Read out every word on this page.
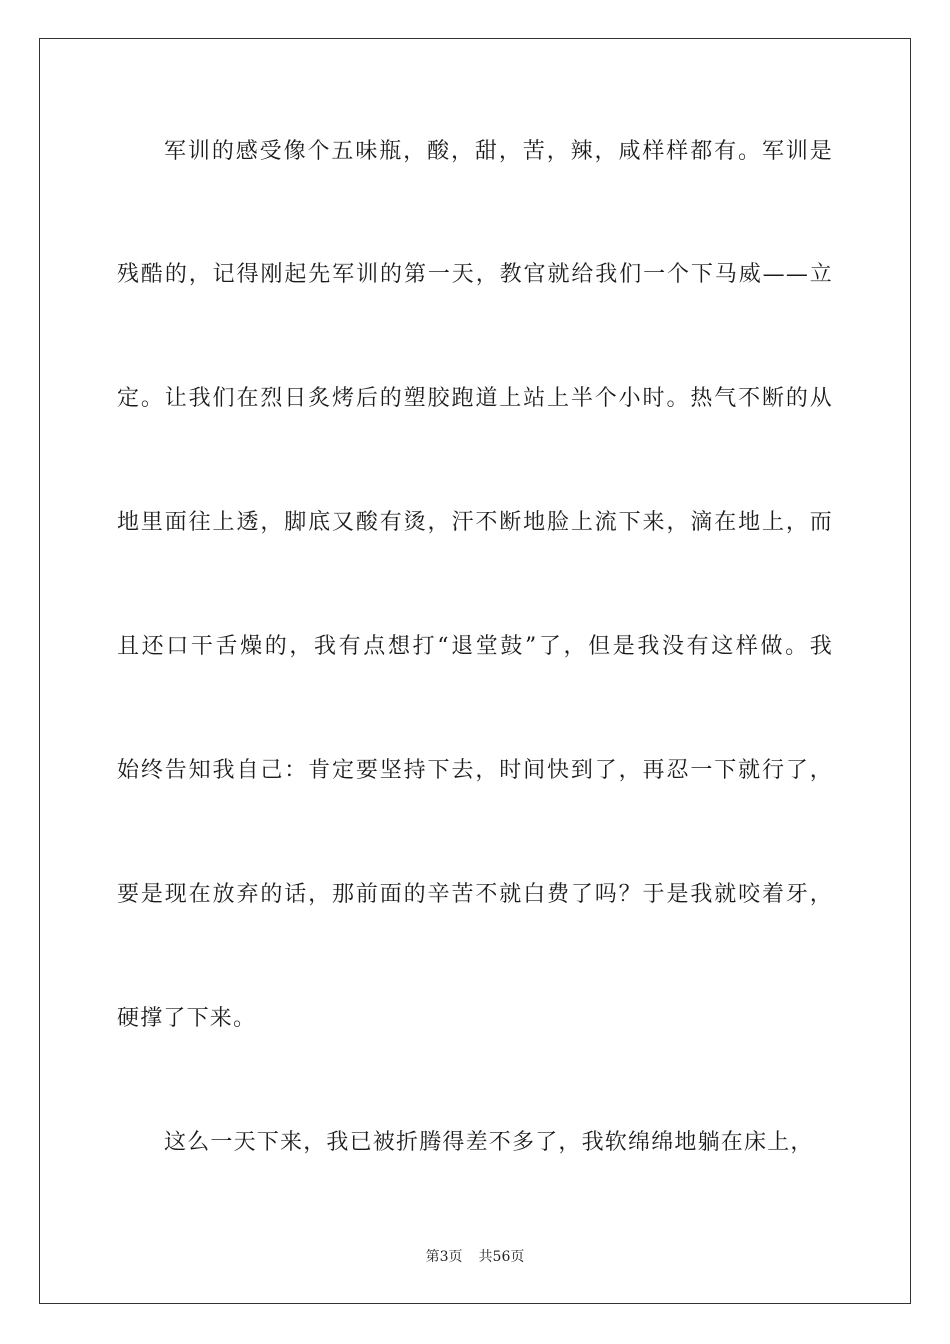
军训的感受像个五味瓶，酸，甜，苦，辣，咸样样都有。军训是
残酷的，记得刚起先军训的第一天，教官就给我们一个下马威——立
定。让我们在烈日炙烤后的塑胶跑道上站上半个小时。热气不断的从
地里面往上透，脚底又酸有烫，汗不断地脸上流下来，滴在地上，而
且还口干舌燥的，我有点想打“退堂鼓”了，但是我没有这样做。我
始终告知我自己：肯定要坚持下去，时间快到了，再忍一下就行了，
要是现在放弃的话，那前面的辛苦不就白费了吗？于是我就咬着牙，
硬撑了下来。
这么一天下来，我已被折腾得差不多了，我软绵绵地躺在床上，
第3页 共56页
